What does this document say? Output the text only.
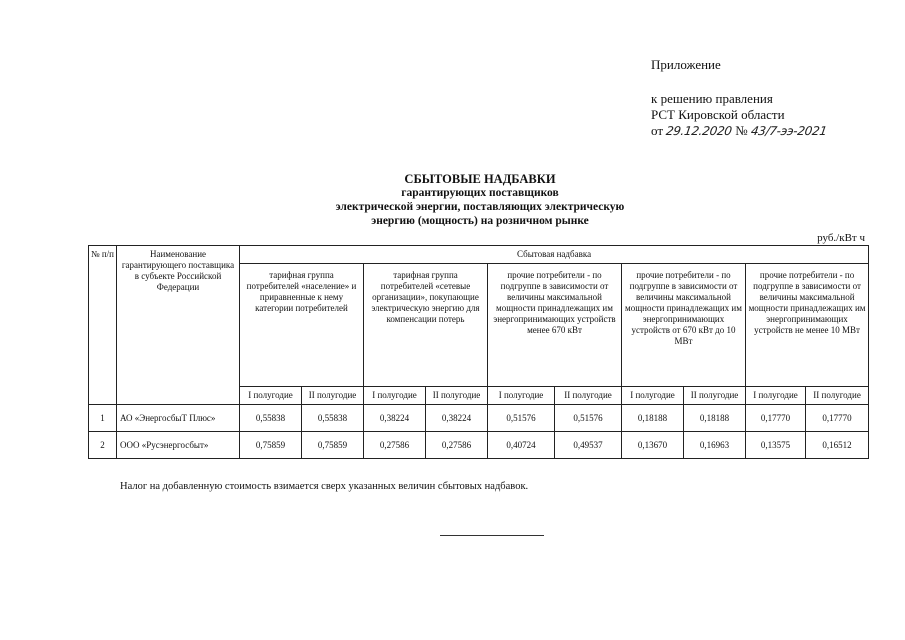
Приложение
к решению правления
РСТ Кировской области
от 29.12.2020 № 43/7-ээ-2021
СБЫТОВЫЕ НАДБАВКИ
гарантирующих поставщиков
электрической энергии, поставляющих электрическую
энергию (мощность) на розничном рынке
руб./кВт ч
№ п/п	Наименование гарантирующего поставщика в субъекте Российской Федерации	Сбытовая надбавка									
		тарифная группа потребителей «население» и приравненные к нему категории потребителей		тарифная группа потребителей «сетевые организации», покупающие электрическую энергию для компенсации потерь		прочие потребители - по подгруппе в зависимости от величины максимальной мощности принадлежащих им энергопринимающих устройств менее 670 кВт		прочие потребители - по подгруппе в зависимости от величины максимальной мощности принадлежащих им энергопринимающих устройств от 670 кВт до 10 МВт		прочие потребители - по подгруппе в зависимости от величины максимальной мощности принадлежащих им энергопринимающих устройств не менее 10 МВт	
		I полугодие	II полугодие	I полугодие	II полугодие	I полугодие	II полугодие	I полугодие	II полугодие	I полугодие	II полугодие
1	АО «ЭнергосбыТ Плюс»	0,55838	0,55838	0,38224	0,38224	0,51576	0,51576	0,18188	0,18188	0,17770	0,17770
2	ООО «Русэнергосбыт»	0,75859	0,75859	0,27586	0,27586	0,40724	0,49537	0,13670	0,16963	0,13575	0,16512
Налог на добавленную стоимость взимается сверх указанных величин сбытовых надбавок.
